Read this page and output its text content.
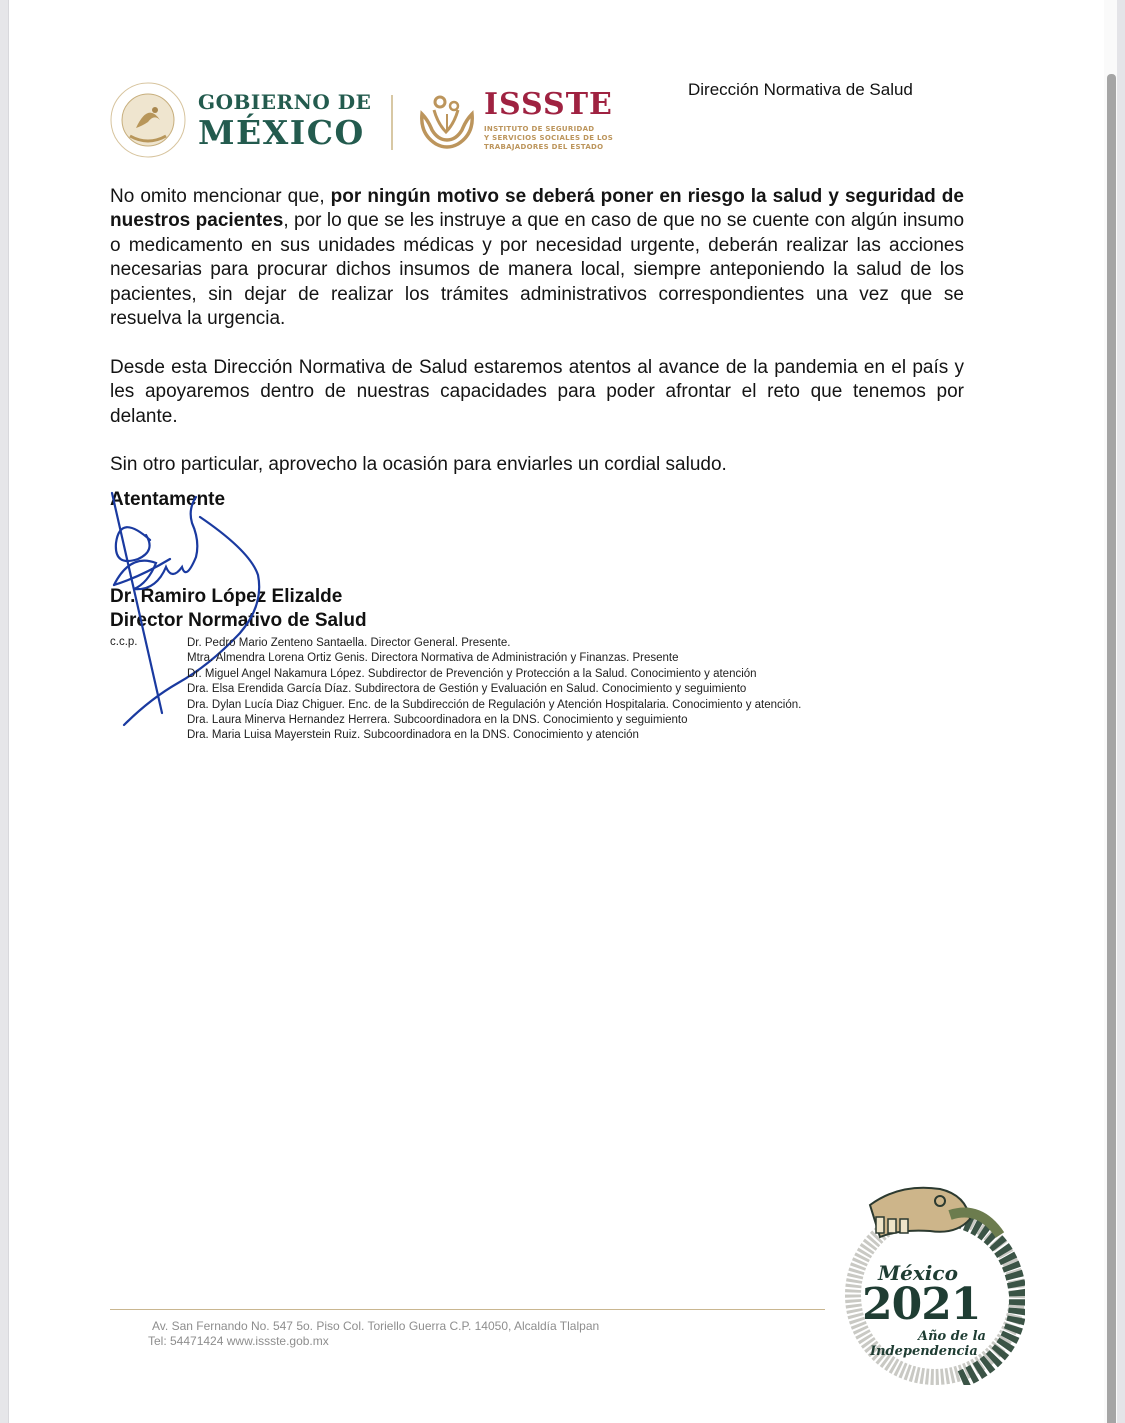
GOBIERNO DE
MÉXICO
ISSSTE
INSTITUTO DE SEGURIDAD
Y SERVICIOS SOCIALES DE LOS
TRABAJADORES DEL ESTADO
Dirección Normativa de Salud

No omito mencionar que, por ningún motivo se deberá poner en riesgo la salud y seguridad de nuestros pacientes, por lo que se les instruye a que en caso de que no se cuente con algún insumo o medicamento en sus unidades médicas y por necesidad urgente, deberán realizar las acciones necesarias para procurar dichos insumos de manera local, siempre anteponiendo la salud de los pacientes, sin dejar de realizar los trámites administrativos correspondientes una vez que se resuelva la urgencia.

Desde esta Dirección Normativa de Salud estaremos atentos al avance de la pandemia en el país y les apoyaremos dentro de nuestras capacidades para poder afrontar el reto que tenemos por delante.

Sin otro particular, aprovecho la ocasión para enviarles un cordial saludo.

Atentamente
Dr. Ramiro López Elizalde
Director Normativo de Salud
c.c.p.	Dr. Pedro Mario Zenteno Santaella. Director General. Presente.
Mtra. Almendra Lorena Ortiz Genis. Directora Normativa de Administración y Finanzas. Presente
Dr. Miguel Angel Nakamura López. Subdirector de Prevención y Protección a la Salud. Conocimiento y atención
Dra. Elsa Erendida García Díaz. Subdirectora de Gestión y Evaluación en Salud. Conocimiento y seguimiento
Dra. Dylan Lucía Diaz Chiguer. Enc. de la Subdirección de Regulación y Atención Hospitalaria. Conocimiento y atención.
Dra. Laura Minerva Hernandez Herrera. Subcoordinadora en la DNS. Conocimiento y seguimiento
Dra. Maria Luisa Mayerstein Ruiz. Subcoordinadora en la DNS. Conocimiento y atención
Av. San Fernando No. 547 5o. Piso Col. Toriello Guerra C.P. 14050, Alcaldía Tlalpan
Tel: 54471424 www.issste.gob.mx
México
2021
Año de la
Independencia
